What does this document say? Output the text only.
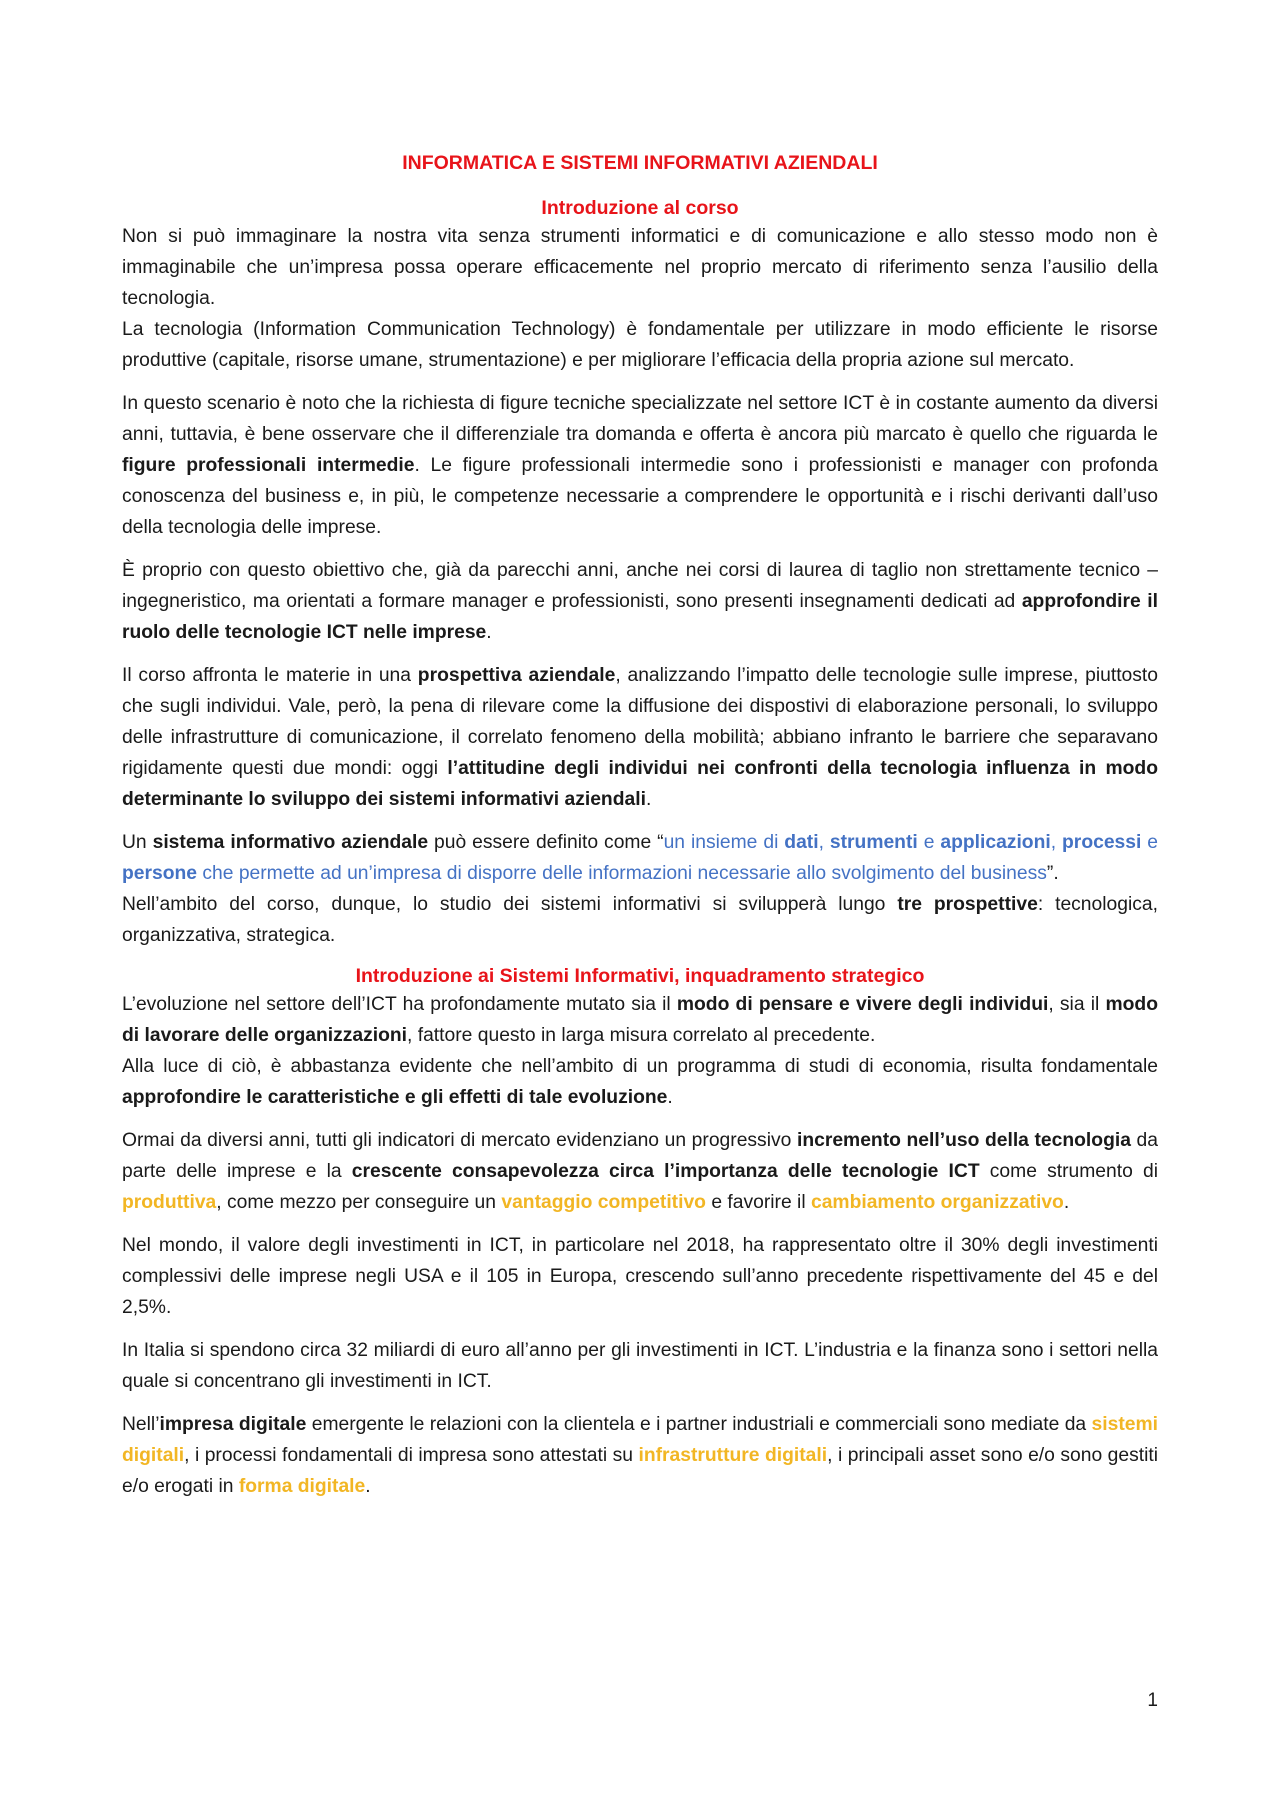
INFORMATICA E SISTEMI INFORMATIVI AZIENDALI
Introduzione al corso

Non si può immaginare la nostra vita senza strumenti informatici e di comunicazione e allo stesso modo non è immaginabile che un’impresa possa operare efficacemente nel proprio mercato di riferimento senza l’ausilio della tecnologia.

La tecnologia (Information Communication Technology) è fondamentale per utilizzare in modo efficiente le risorse produttive (capitale, risorse umane, strumentazione) e per migliorare l’efficacia della propria azione sul mercato.

In questo scenario è noto che la richiesta di figure tecniche specializzate nel settore ICT è in costante aumento da diversi anni, tuttavia, è bene osservare che il differenziale tra domanda e offerta è ancora più marcato è quello che riguarda le figure professionali intermedie. Le figure professionali intermedie sono i professionisti e manager con profonda conoscenza del business e, in più, le competenze necessarie a comprendere le opportunità e i rischi derivanti dall’uso della tecnologia delle imprese.

È proprio con questo obiettivo che, già da parecchi anni, anche nei corsi di laurea di taglio non strettamente tecnico – ingegneristico, ma orientati a formare manager e professionisti, sono presenti insegnamenti dedicati ad approfondire il ruolo delle tecnologie ICT nelle imprese.

Il corso affronta le materie in una prospettiva aziendale, analizzando l’impatto delle tecnologie sulle imprese, piuttosto che sugli individui. Vale, però, la pena di rilevare come la diffusione dei dispostivi di elaborazione personali, lo sviluppo delle infrastrutture di comunicazione, il correlato fenomeno della mobilità; abbiano infranto le barriere che separavano rigidamente questi due mondi: oggi l’attitudine degli individui nei confronti della tecnologia influenza in modo determinante lo sviluppo dei sistemi informativi aziendali.

Un sistema informativo aziendale può essere definito come “un insieme di dati, strumenti e applicazioni, processi e persone che permette ad un’impresa di disporre delle informazioni necessarie allo svolgimento del business”.

Nell’ambito del corso, dunque, lo studio dei sistemi informativi si svilupperà lungo tre prospettive: tecnologica, organizzativa, strategica.

Introduzione ai Sistemi Informativi, inquadramento strategico

L’evoluzione nel settore dell’ICT ha profondamente mutato sia il modo di pensare e vivere degli individui, sia il modo di lavorare delle organizzazioni, fattore questo in larga misura correlato al precedente.

Alla luce di ciò, è abbastanza evidente che nell’ambito di un programma di studi di economia, risulta fondamentale approfondire le caratteristiche e gli effetti di tale evoluzione.

Ormai da diversi anni, tutti gli indicatori di mercato evidenziano un progressivo incremento nell’uso della tecnologia da parte delle imprese e la crescente consapevolezza circa l’importanza delle tecnologie ICT come strumento di produttiva, come mezzo per conseguire un vantaggio competitivo e favorire il cambiamento organizzativo.

Nel mondo, il valore degli investimenti in ICT, in particolare nel 2018, ha rappresentato oltre il 30% degli investimenti complessivi delle imprese negli USA e il 105 in Europa, crescendo sull’anno precedente rispettivamente del 45 e del 2,5%.

In Italia si spendono circa 32 miliardi di euro all’anno per gli investimenti in ICT. L’industria e la finanza sono i settori nella quale si concentrano gli investimenti in ICT.

Nell’impresa digitale emergente le relazioni con la clientela e i partner industriali e commerciali sono mediate da sistemi digitali, i processi fondamentali di impresa sono attestati su infrastrutture digitali, i principali asset sono e/o sono gestiti e/o erogati in forma digitale.

1
